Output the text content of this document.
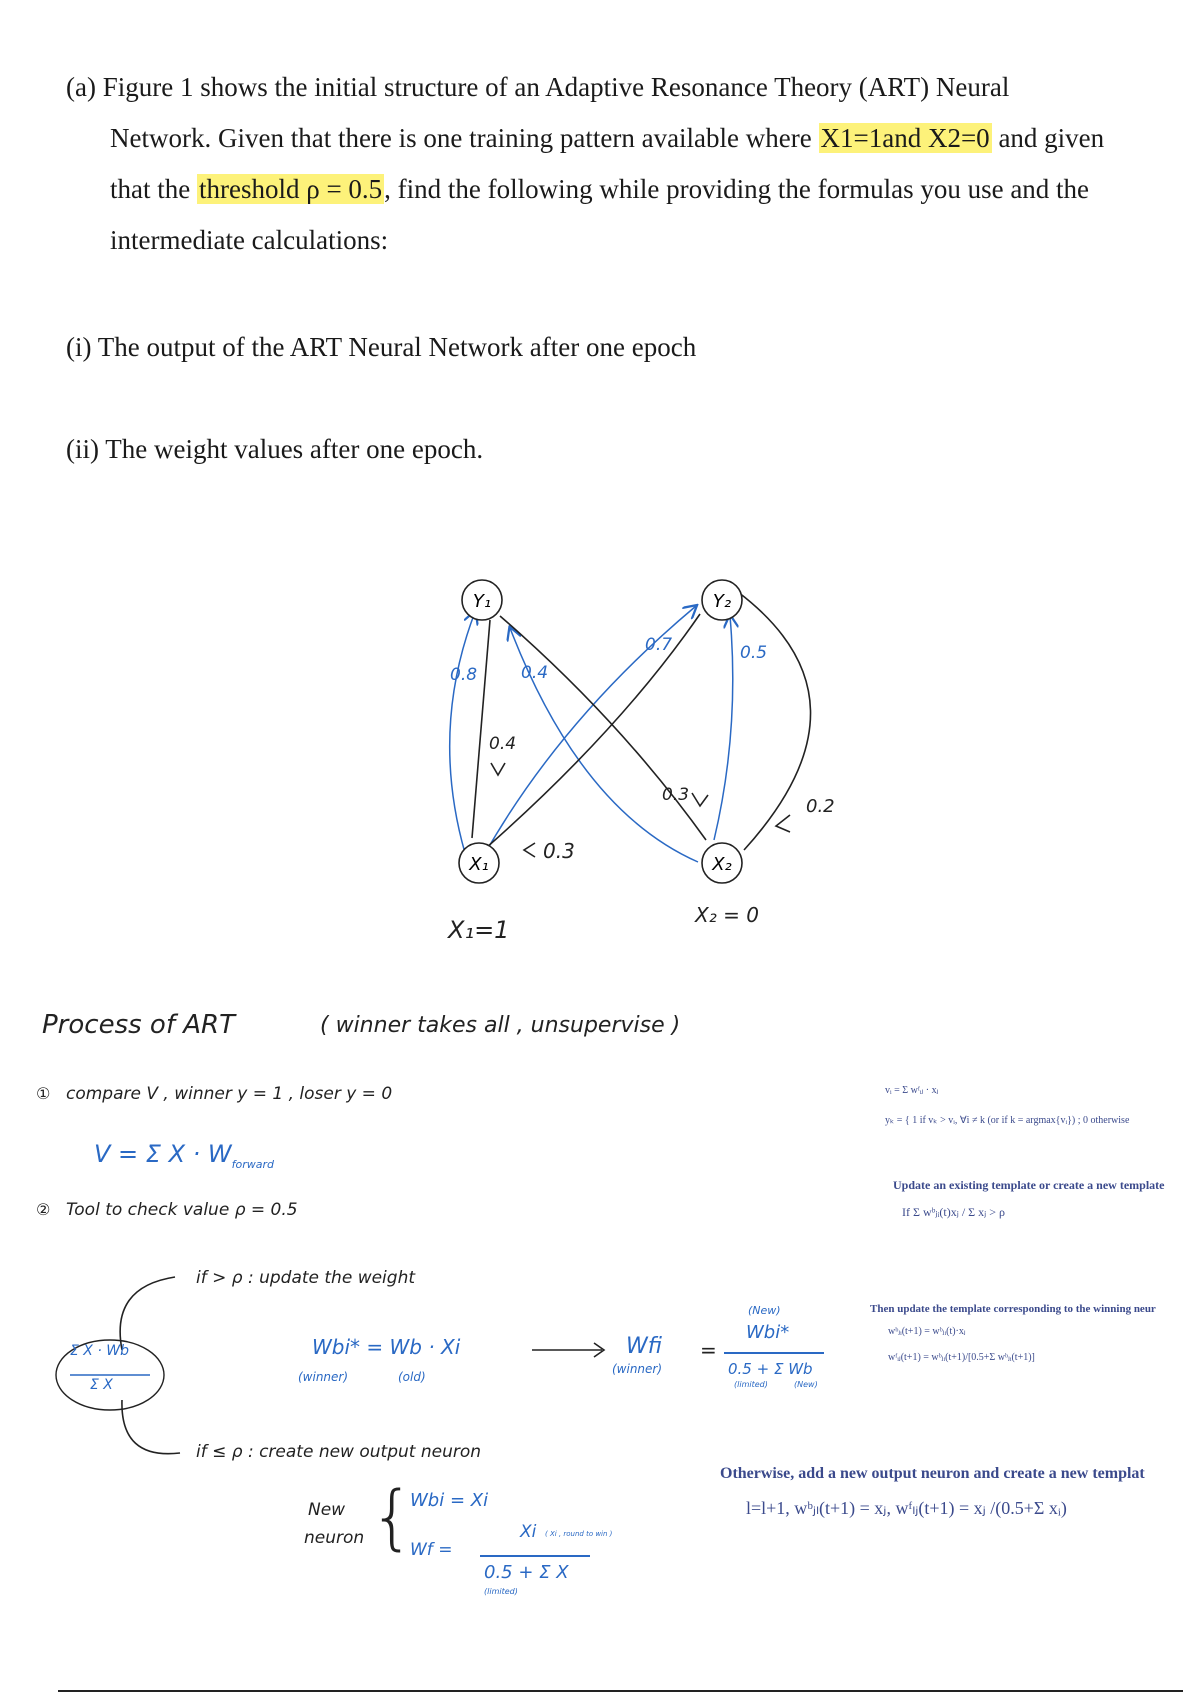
(a) Figure 1 shows the initial structure of an Adaptive Resonance Theory (ART) Neural
Network. Given that there is one training pattern available where X1=1and X2=0 and given
that the threshold ρ = 0.5, find the following while providing the formulas you use and the
intermediate calculations:
(i) The output of the ART Neural Network after one epoch
(ii) The weight values after one epoch.
Y₁	Y₂
X₁	X₂
0.8	0.4
0.4
0.7	0.5
0.3
0.3
0.2
X₁=1
X₂ = 0
Process of ART	( winner takes all , unsupervise )
① compare V , winner y = 1 , loser y = 0
V = Σ $X \cdot W_{forward}$
② Tool to check value ρ = 0.5
Σ X · Wb
Σ X
if > ρ : update the weight
Wbi* = Wb · Xi
(winner)	(old)
Wfi =
(winner)
(New)
Wbi*
0.5 + Σ Wb
(limited)	(New)
if ≤ ρ : create new output neuron
New
neuron {
Wbi = Xi
Wf =
Xi ( Xi , round to win )
0.5 + Σ X
(limited)
vᵢ = Σ wᶠᵢⱼ · xⱼ
yₖ = { 1 if vₖ > vᵢ, ∀i ≠ k (or if k = argmax{vᵢ}) ; 0 otherwise
Update an existing template or create a new template
If Σ wᵇⱼᵢ(t)xⱼ / Σ xⱼ > ρ
Then update the template corresponding to the winning neur
wᵇⱼᵢ(t+1) = wᵇⱼᵢ(t)·xⱼ
wᶠᵢⱼ(t+1) = wᵇⱼᵢ(t+1)/[0.5+Σ wᵇⱼᵢ(t+1)]
Otherwise, add a new output neuron and create a new templat
l=l+1, wᵇⱼₗ(t+1) = xⱼ, wᶠₗⱼ(t+1) = xⱼ /(0.5+Σ xᵢ)
